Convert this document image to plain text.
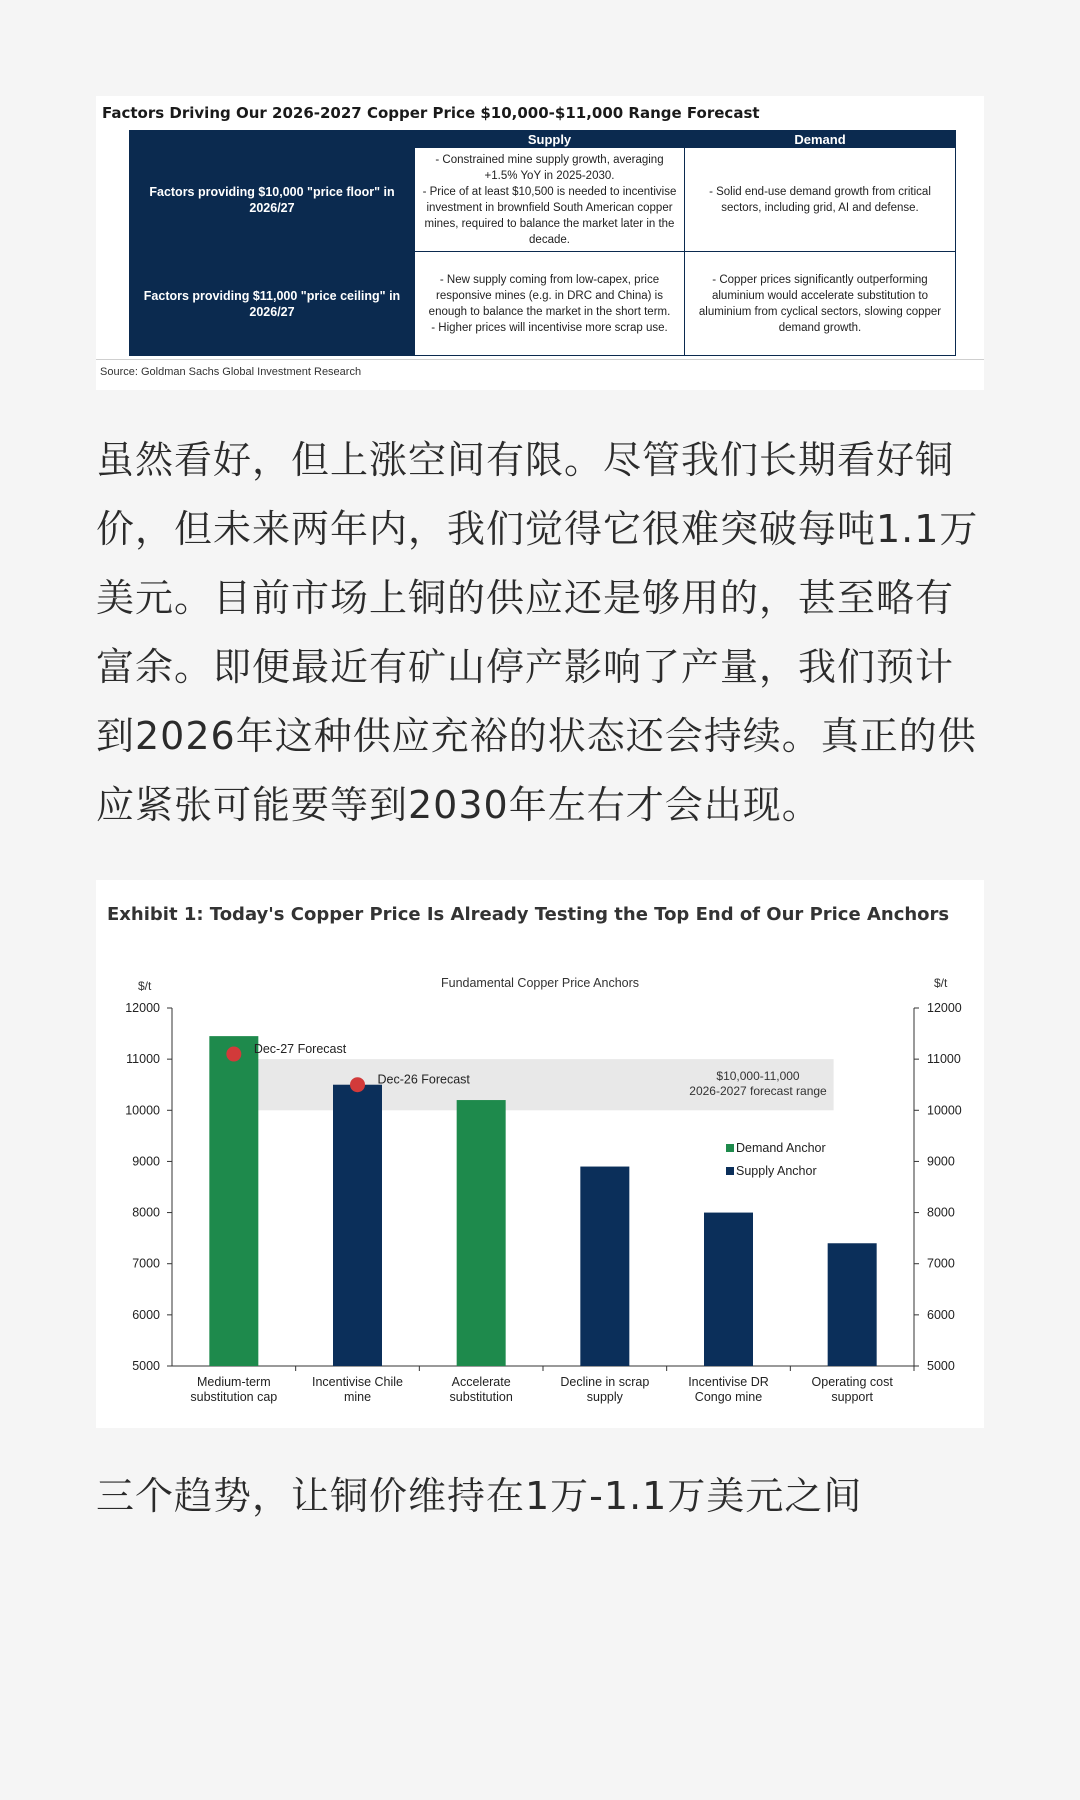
Factors Driving Our 2026-2027 Copper Price $10,000-$11,000 Range Forecast
	Supply	Demand
Factors providing $10,000 "price floor" in 2026/27	- Constrained mine supply growth, averaging +1.5% YoY in 2025-2030.
- Price of at least $10,500 is needed to incentivise investment in brownfield South American copper mines, required to balance the market later in the decade.	- Solid end-use demand growth from critical sectors, including grid, AI and defense.
Factors providing $11,000 "price ceiling" in 2026/27	- New supply coming from low-capex, price responsive mines (e.g. in DRC and China) is enough to balance the market in the short term.
- Higher prices will incentivise more scrap use.	- Copper prices significantly outperforming aluminium would accelerate substitution to aluminium from cyclical sectors, slowing copper demand growth.
Source: Goldman Sachs Global Investment Research
虽然看好，但上涨空间有限。尽管我们长期看好铜价，但未来两年内，我们觉得它很难突破每吨1.1万美元。目前市场上铜的供应还是够用的，甚至略有富余。即便最近有矿山停产影响了产量，我们预计到2026年这种供应充裕的状态还会持续。真正的供应紧张可能要等到2030年左右才会出现。
Exhibit 1: Today's Copper Price Is Already Testing the Top End of Our Price Anchors
Fundamental Copper Price Anchors
$/t	$/t
$10,000-11,000
2026-2027 forecast range
5000	5000
6000	6000
7000	7000
8000	8000
9000	9000
10000	10000
11000	11000
12000	12000
Medium-term
substitution cap
Incentivise Chile
mine
Accelerate
substitution
Decline in scrap
supply
Incentivise DR
Congo mine
Operating cost
support
Dec-27 Forecast
Dec-26 Forecast
Demand Anchor
Supply Anchor
三个趋势，让铜价维持在1万-1.1万美元之间
